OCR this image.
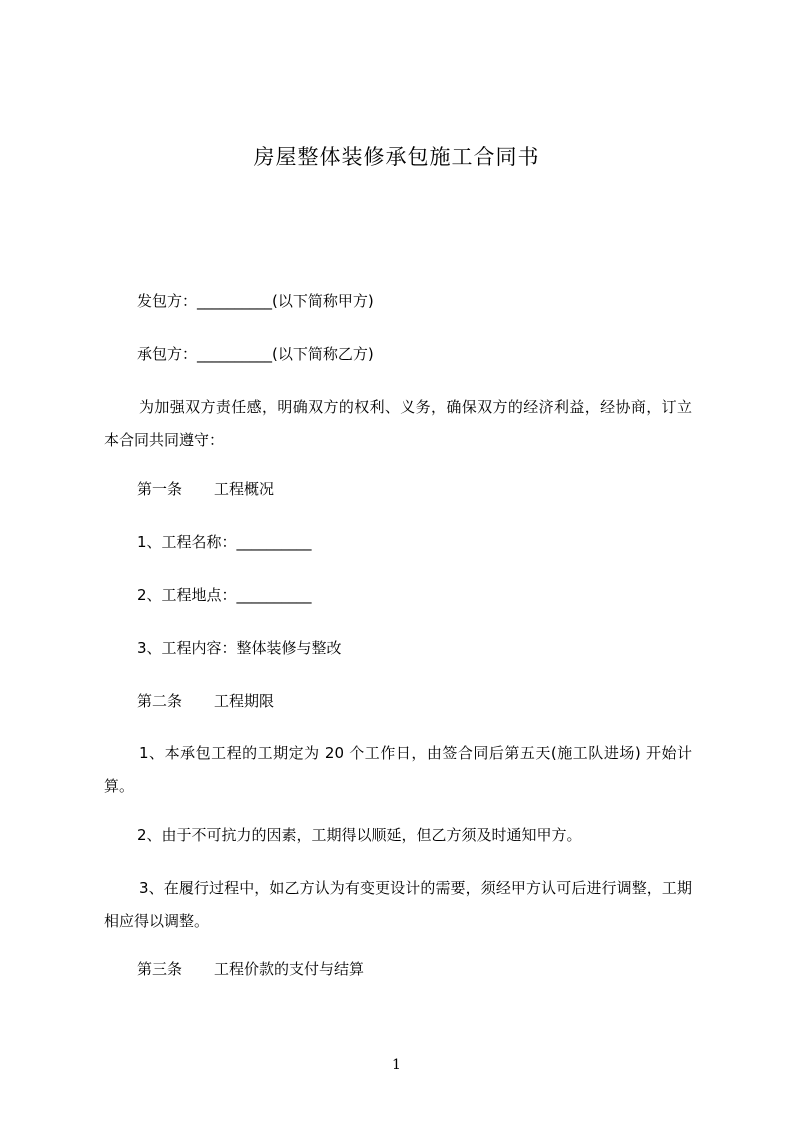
房屋整体装修承包施工合同书
发包方：__________(以下简称甲方)
承包方：__________(以下简称乙方)
为加强双方责任感，明确双方的权利、义务，确保双方的经济利益，经协商，订立本合同共同遵守：
第一条 工程概况
1、工程名称：__________
2、工程地点：__________
3、工程内容：整体装修与整改
第二条 工程期限
1、本承包工程的工期定为 20 个工作日，由签合同后第五天(施工队进场) 开始计算。
2、由于不可抗力的因素，工期得以顺延，但乙方须及时通知甲方。
3、在履行过程中，如乙方认为有变更设计的需要，须经甲方认可后进行调整，工期相应得以调整。
第三条 工程价款的支付与结算
1
